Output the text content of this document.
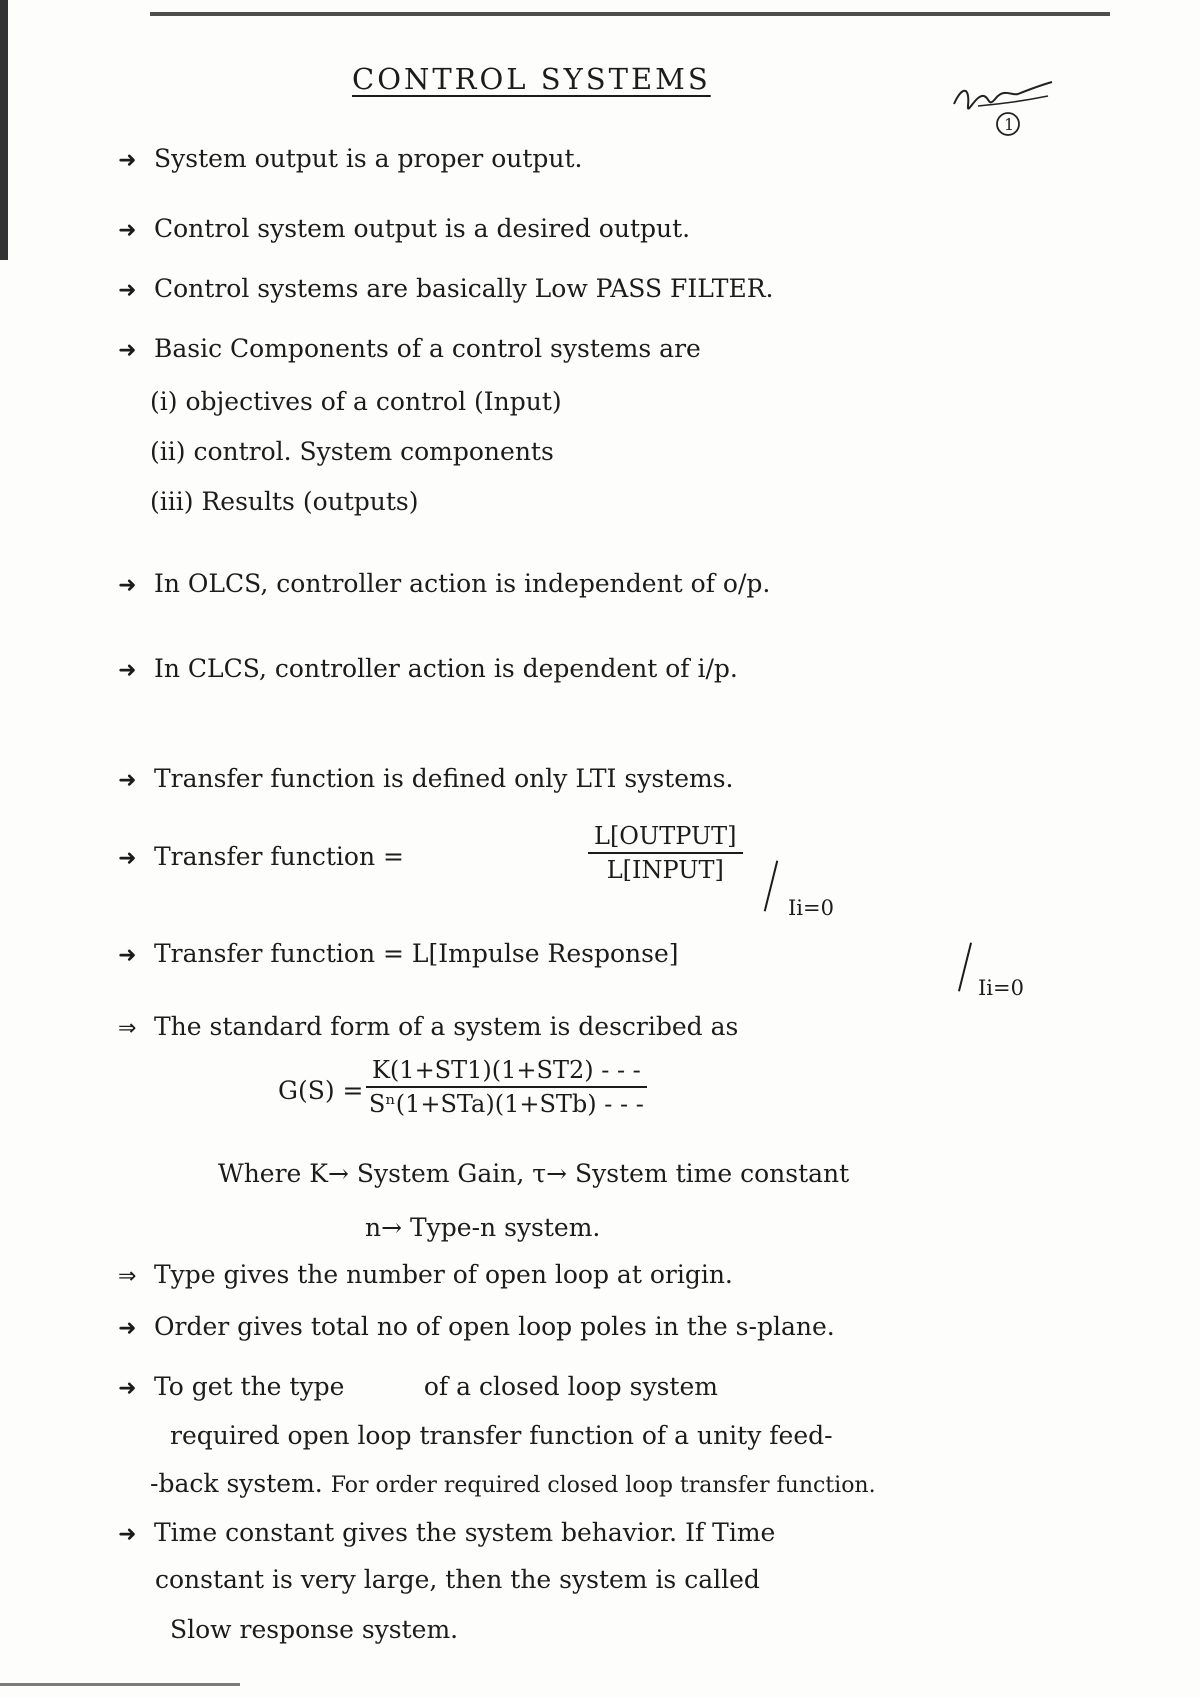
CONTROL SYSTEMS
1
➜ System output is a proper output.
➜ Control system output is a desired output.
➜ Control systems are basically Low PASS FILTER.
➜ Basic Components of a control systems are
(i) objectives of a control (Input)
(ii) control. System components
(iii) Results (outputs)
➜ In OLCS, controller action is independent of o/p.
➜ In CLCS, controller action is dependent of i/p.
➜ Transfer function is defined only LTI systems.
➜ Transfer function =
L[OUTPUT]
L[INPUT]
Ii=0
➜ Transfer function = L[Impulse Response]
Ii=0
⇒ The standard form of a system is described as
G(S) =
K(1+ST1)(1+ST2) - - -
Sⁿ(1+STa)(1+STb) - - -
Where K→ System Gain, τ→ System time constant
n→ Type-n system.
⇒ Type gives the number of open loop at origin.
➜ Order gives total no of open loop poles in the s-plane.
➜ To get the type          of a closed loop system
required open loop transfer function of a unity feed-
-back system. For order required closed loop transfer function.
➜ Time constant gives the system behavior. If Time
constant is very large, then the system is called
Slow response system.
